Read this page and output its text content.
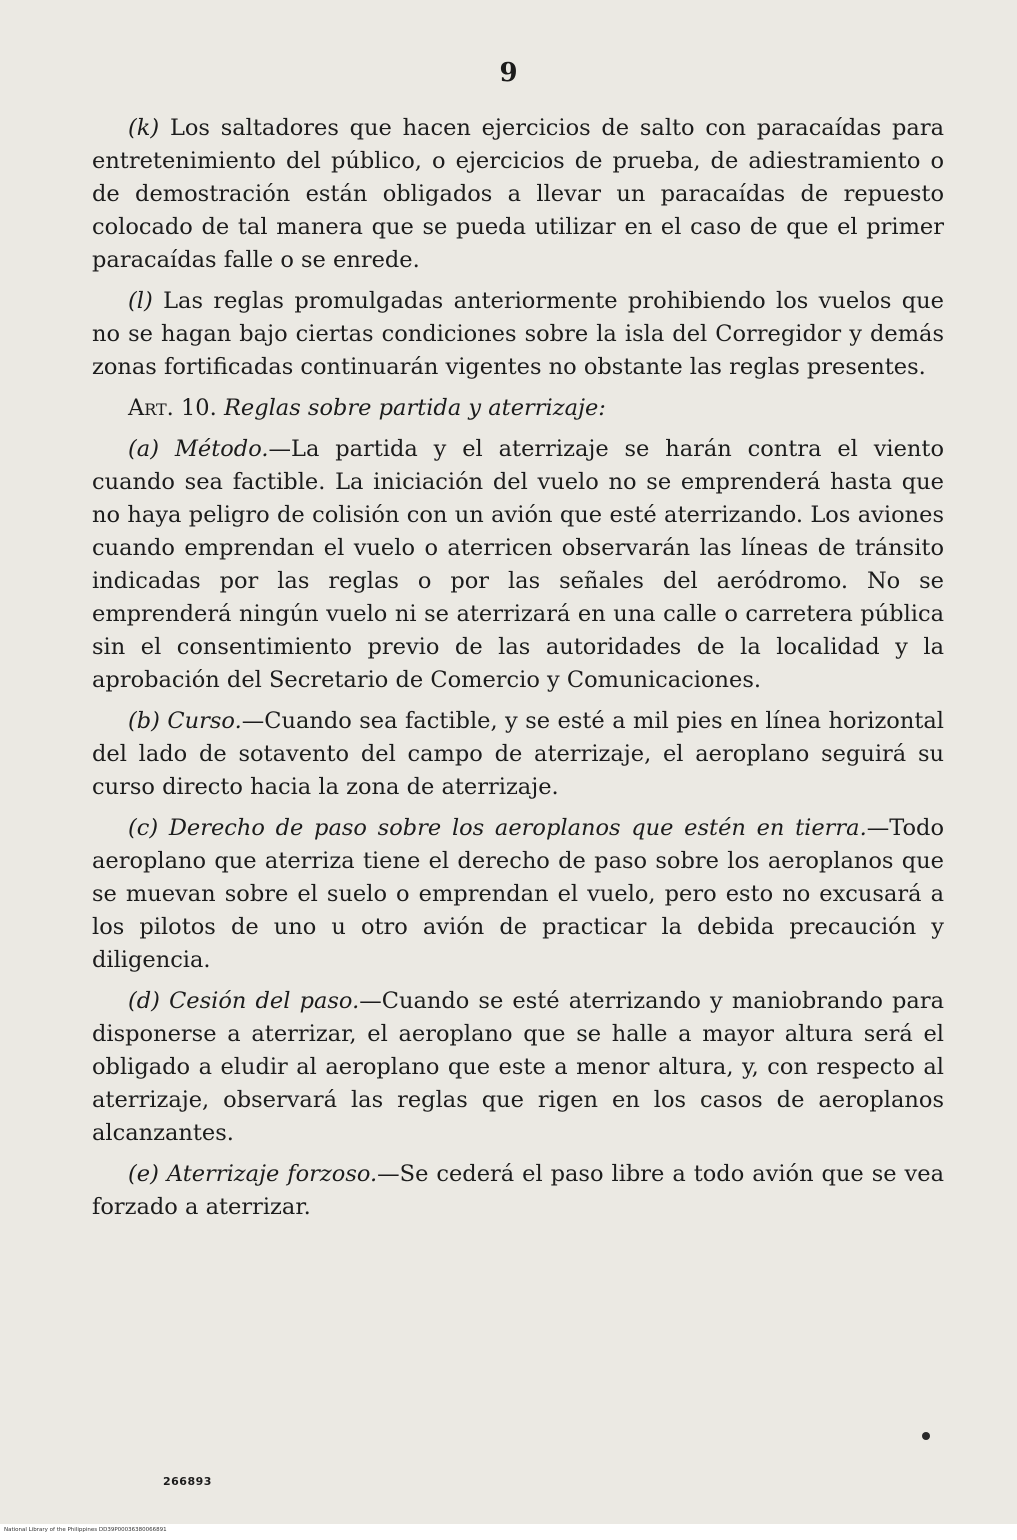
9

(k) Los saltadores que hacen ejercicios de salto con paracaídas para entretenimiento del público, o ejercicios de prueba, de adiestramiento o de demostración están obligados a llevar un paracaídas de repuesto colocado de tal manera que se pueda utilizar en el caso de que el primer paracaídas falle o se enrede.

(l) Las reglas promulgadas anteriormente prohibiendo los vuelos que no se hagan bajo ciertas condiciones sobre la isla del Corregidor y demás zonas fortificadas continuarán vigentes no obstante las reglas presentes.

Art. 10. Reglas sobre partida y aterrizaje:

(a) Método.—La partida y el aterrizaje se harán contra el viento cuando sea factible. La iniciación del vuelo no se emprenderá hasta que no haya peligro de colisión con un avión que esté aterrizando. Los aviones cuando emprendan el vuelo o aterricen observarán las líneas de tránsito indicadas por las reglas o por las señales del aeródromo. No se emprenderá ningún vuelo ni se aterrizará en una calle o carretera pública sin el consentimiento previo de las autoridades de la localidad y la aprobación del Secretario de Comercio y Comunicaciones.

(b) Curso.—Cuando sea factible, y se esté a mil pies en línea horizontal del lado de sotavento del campo de aterrizaje, el aeroplano seguirá su curso directo hacia la zona de aterrizaje.

(c) Derecho de paso sobre los aeroplanos que estén en tierra.—Todo aeroplano que aterriza tiene el derecho de paso sobre los aeroplanos que se muevan sobre el suelo o emprendan el vuelo, pero esto no excusará a los pilotos de uno u otro avión de practicar la debida precaución y diligencia.

(d) Cesión del paso.—Cuando se esté aterrizando y maniobrando para disponerse a aterrizar, el aeroplano que se halle a mayor altura será el obligado a eludir al aeroplano que este a menor altura, y, con respecto al aterrizaje, observará las reglas que rigen en los casos de aeroplanos alcanzantes.

(e) Aterrizaje forzoso.—Se cederá el paso libre a todo avión que se vea forzado a aterrizar.

266893
National Library of the Philippines DD39P00036380066891
